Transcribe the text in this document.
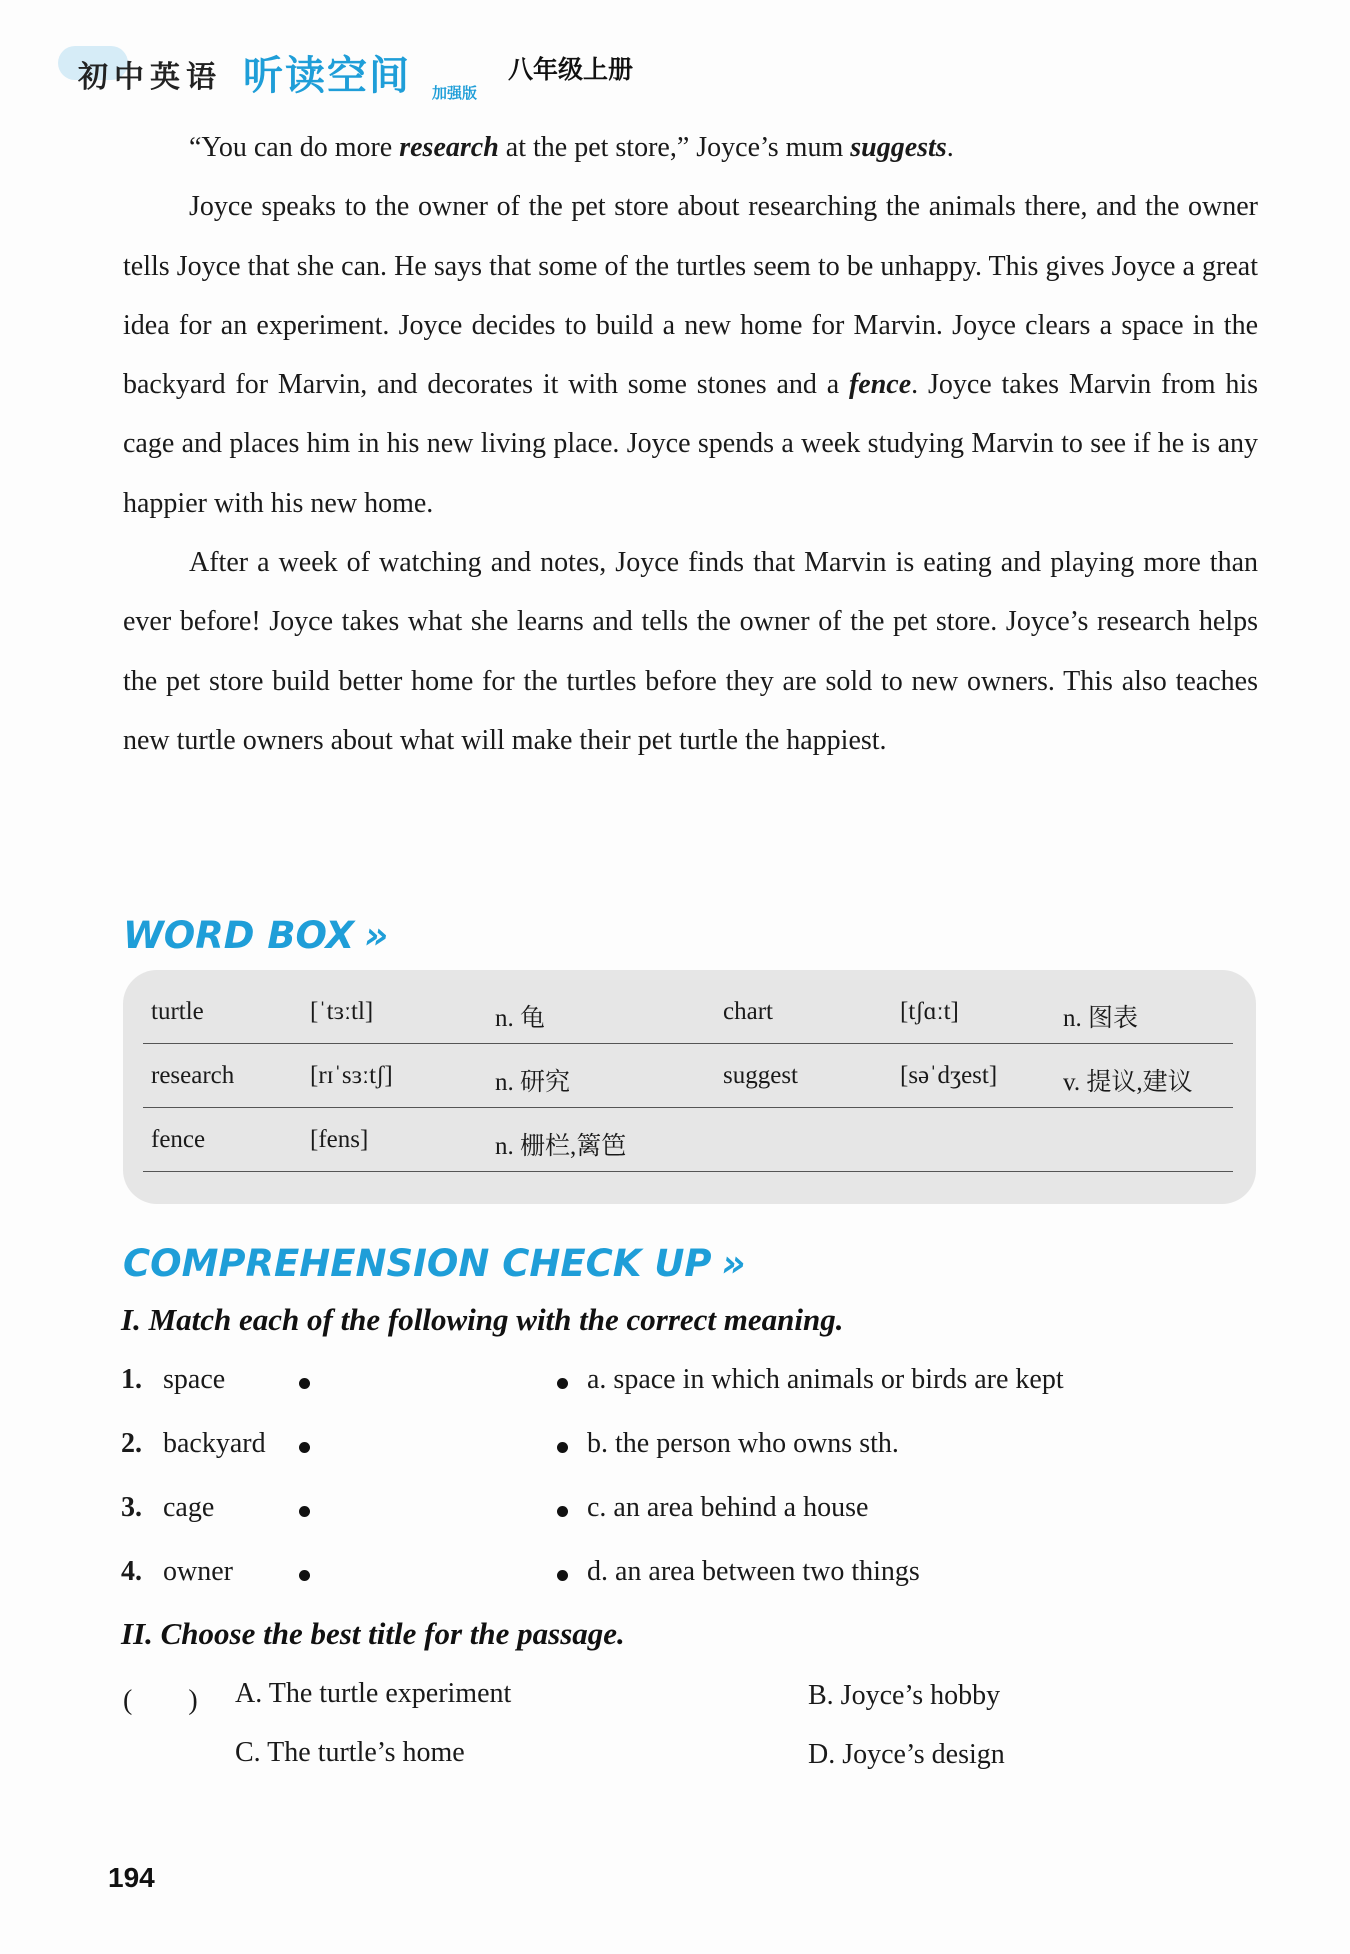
初中英语 听读空间 加强版
八年级上册

“You can do more research at the pet store,” Joyce’s mum suggests.

Joyce speaks to the owner of the pet store about researching the animals there, and the owner tells Joyce that she can. He says that some of the turtles seem to be unhappy. This gives Joyce a great idea for an experiment. Joyce decides to build a new home for Marvin. Joyce clears a space in the backyard for Marvin, and decorates it with some stones and a fence. Joyce takes Marvin from his cage and places him in his new living place. Joyce spends a week studying Marvin to see if he is any happier with his new home.

After a week of watching and notes, Joyce finds that Marvin is eating and playing more than ever before! Joyce takes what she learns and tells the owner of the pet store. Joyce’s research helps the pet store build better home for the turtles before they are sold to new owners. This also teaches new turtle owners about what will make their pet turtle the happiest.

WORD BOX »
turtle	[ˈtɜːtl]	n. 龟	chart	[tʃɑːt]	n. 图表
research	[rɪˈsɜːtʃ]	n. 研究	suggest	[səˈdʒest]	v. 提议,建议
fence	[fens]	n. 栅栏,篱笆
COMPREHENSION CHECK UP »
I. Match each of the following with the correct meaning.
1. space	a. space in which animals or birds are kept
2. backyard	b. the person who owns sth.
3. cage	c. an area behind a house
4. owner	d. an area between two things
II. Choose the best title for the passage.
(　　) A. The turtle experiment	B. Joyce’s hobby
C. The turtle’s home	D. Joyce’s design
194
